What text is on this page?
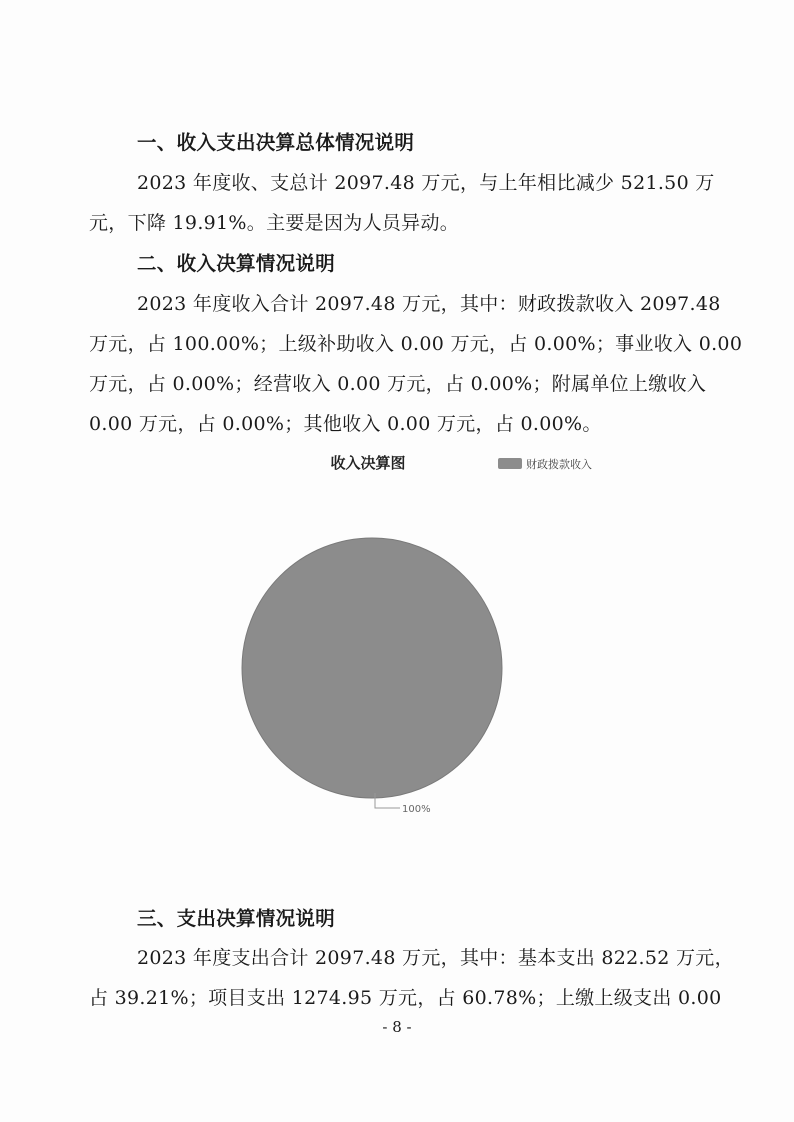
一、收入支出决算总体情况说明
2023 年度收、支总计 2097.48 万元，与上年相比减少 521.50 万
元，下降 19.91%。主要是因为人员异动。
二、收入决算情况说明
2023 年度收入合计 2097.48 万元，其中：财政拨款收入 2097.48
万元，占 100.00%；上级补助收入 0.00 万元，占 0.00%；事业收入 0.00
万元，占 0.00%；经营收入 0.00 万元，占 0.00%；附属单位上缴收入
0.00 万元，占 0.00%；其他收入 0.00 万元，占 0.00%。
收入决算图	财政拨款收入
100%
三、支出决算情况说明
2023 年度支出合计 2097.48 万元，其中：基本支出 822.52 万元，
占 39.21%；项目支出 1274.95 万元，占 60.78%；上缴上级支出 0.00
- 8 -
